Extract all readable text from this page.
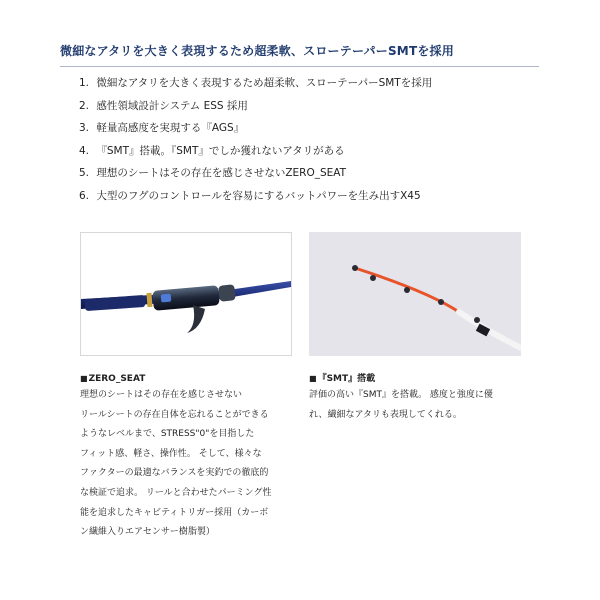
微細なアタリを大きく表現するため超柔軟、スローテーパーSMTを採用
1. 微細なアタリを大きく表現するため超柔軟、スローテーパーSMTを採用
2. 感性領域設計システム ESS 採用
3. 軽量高感度を実現する『AGS』
4. 『SMT』搭載。『SMT』でしか獲れないアタリがある
5. 理想のシートはその存在を感じさせないZERO_SEAT
6. 大型のフグのコントロールを容易にするバットパワーを生み出すX45
■ZERO_SEAT
理想のシートはその存在を感じさせない
リールシートの存在自体を忘れることができる
ようなレベルまで、STRESS"0"を目指した
フィット感、軽さ、操作性。 そして、様々な
ファクターの最適なバランスを実釣での徹底的
な検証で追求。 リールと合わせたパーミング性
能を追求したキャビティトリガー採用（カーボ
ン繊維入りエアセンサー樹脂製）
■『SMT』搭載
評価の高い『SMT』を搭載。 感度と強度に優
れ、繊細なアタリも表現してくれる。
